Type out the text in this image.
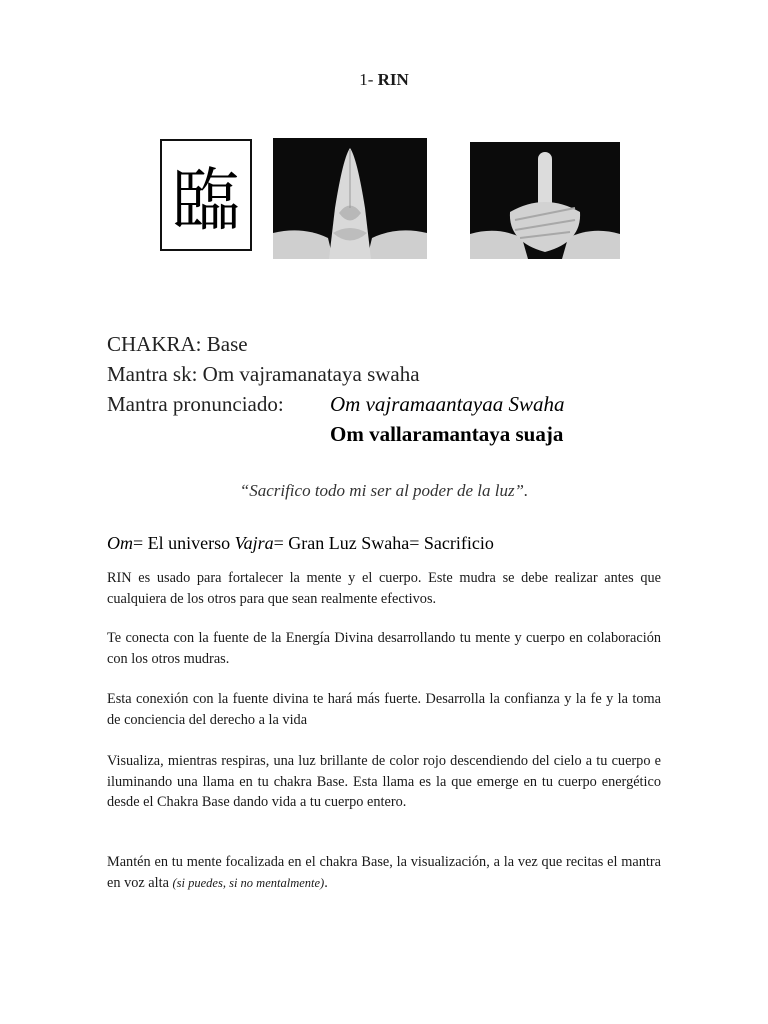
1- RIN
臨
CHAKRA: Base
Mantra sk: Om vajramanataya swaha
Mantra pronunciado: Om vajramaantayaa Swaha
Om vallaramantaya suaja
“Sacrifico todo mi ser al poder de la luz”.
Om= El universo Vajra= Gran Luz Swaha= Sacrificio
RIN es usado para fortalecer la mente y el cuerpo. Este mudra se debe realizar antes que cualquiera de los otros para que sean realmente efectivos.
Te conecta con la fuente de la Energía Divina desarrollando tu mente y cuerpo en colaboración con los otros mudras.
Esta conexión con la fuente divina te hará más fuerte. Desarrolla la confianza y la fe y la toma de conciencia del derecho a la vida
Visualiza, mientras respiras, una luz brillante de color rojo descendiendo del cielo a tu cuerpo e iluminando una llama en tu chakra Base. Esta llama es la que emerge en tu cuerpo energético desde el Chakra Base dando vida a tu cuerpo entero.
Mantén en tu mente focalizada en el chakra Base, la visualización, a la vez que recitas el mantra en voz alta (si puedes, si no mentalmente).
